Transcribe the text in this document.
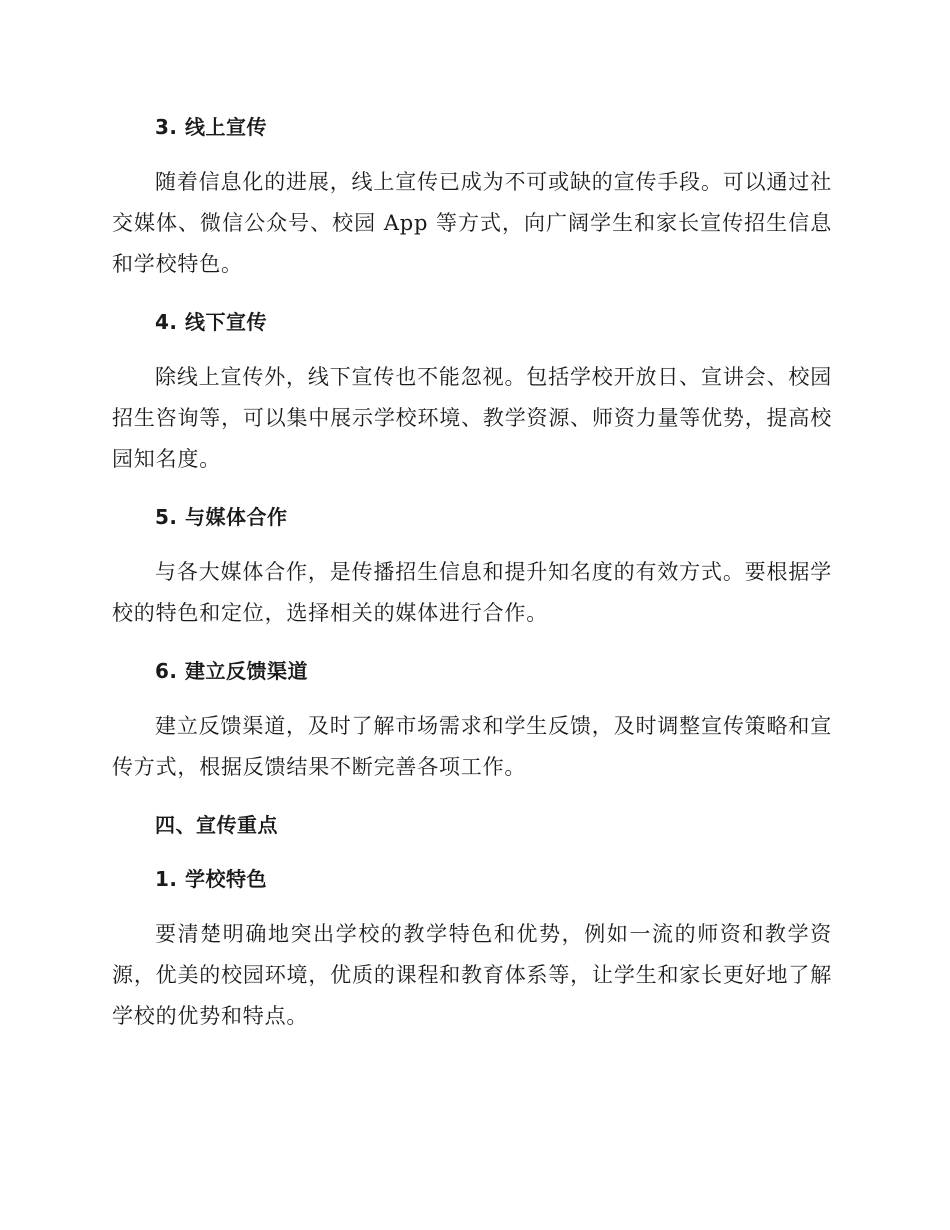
3. 线上宣传

随着信息化的进展，线上宣传已成为不可或缺的宣传手段。可以通过社交媒体、微信公众号、校园 App 等方式，向广阔学生和家长宣传招生信息和学校特色。

4. 线下宣传

除线上宣传外，线下宣传也不能忽视。包括学校开放日、宣讲会、校园招生咨询等，可以集中展示学校环境、教学资源、师资力量等优势，提高校园知名度。

5. 与媒体合作

与各大媒体合作，是传播招生信息和提升知名度的有效方式。要根据学校的特色和定位，选择相关的媒体进行合作。

6. 建立反馈渠道

建立反馈渠道，及时了解市场需求和学生反馈，及时调整宣传策略和宣传方式，根据反馈结果不断完善各项工作。

四、宣传重点
1. 学校特色

要清楚明确地突出学校的教学特色和优势，例如一流的师资和教学资源，优美的校园环境，优质的课程和教育体系等，让学生和家长更好地了解学校的优势和特点。
